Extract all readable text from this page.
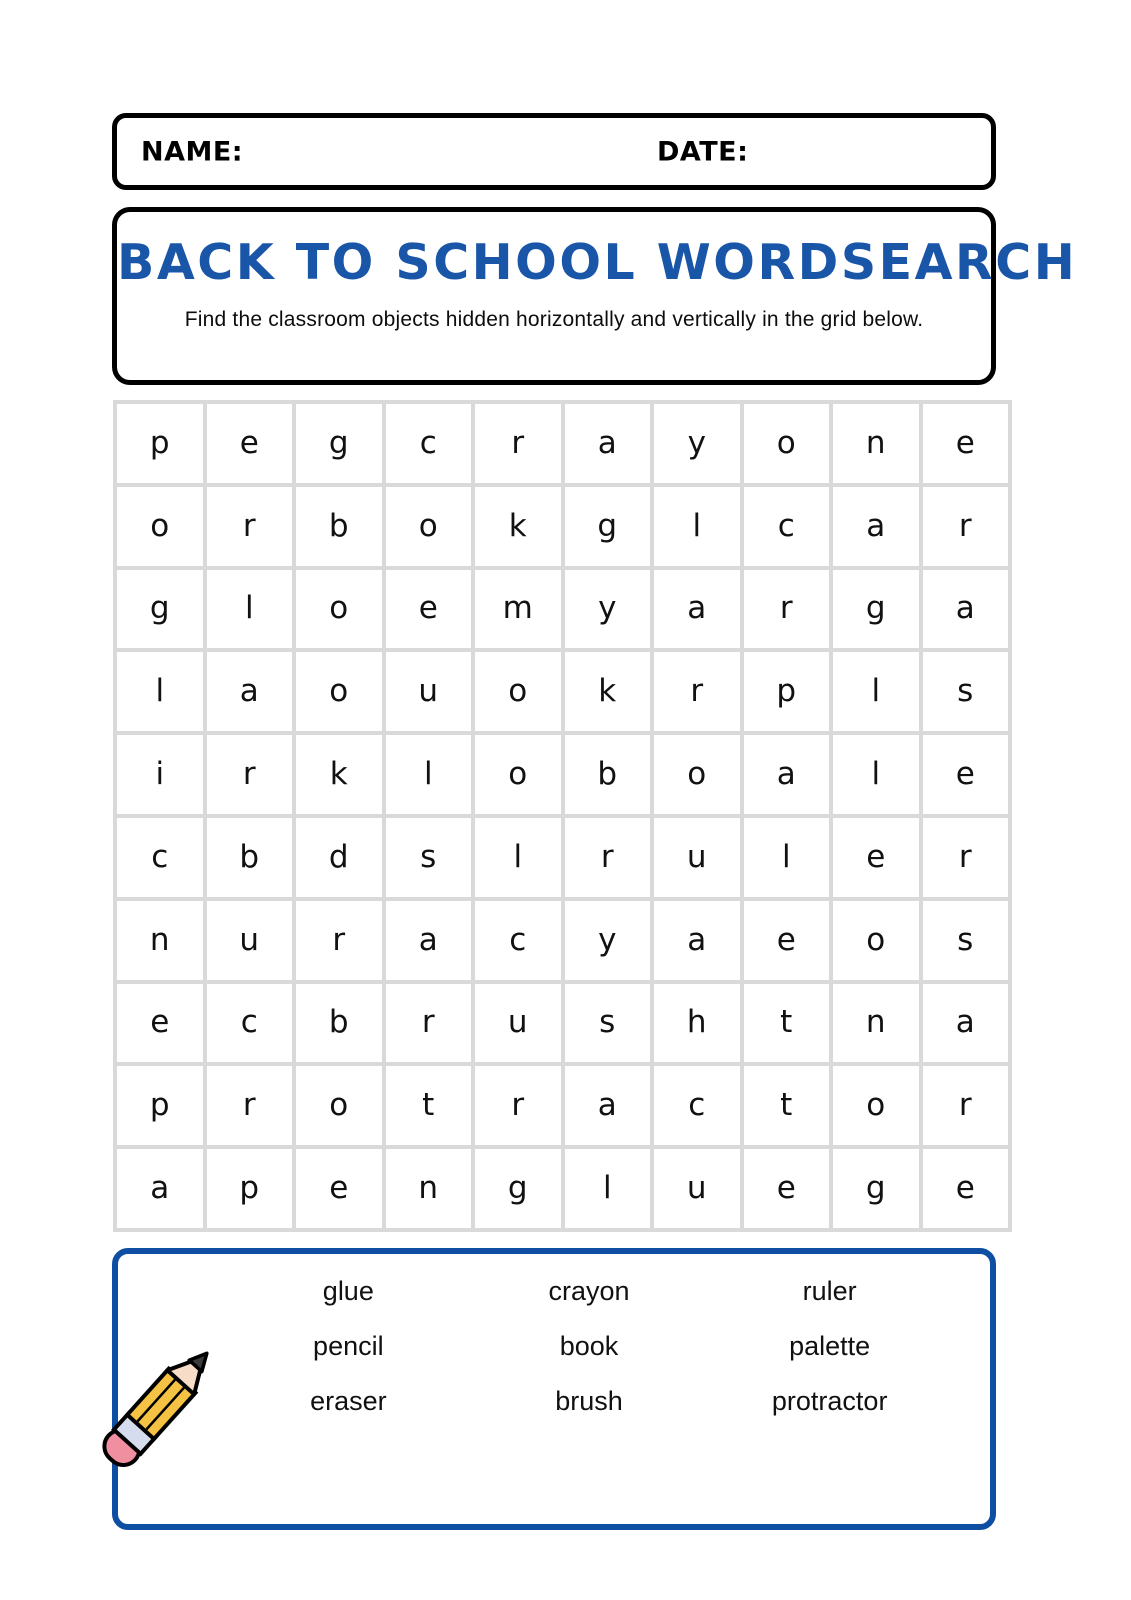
NAME:	DATE:
BACK TO SCHOOL WORDSEARCH
Find the classroom objects hidden horizontally and vertically in the grid below.
p	e	g	c	r	a	y	o	n	e
o	r	b	o	k	g	l	c	a	r
g	l	o	e	m	y	a	r	g	a
l	a	o	u	o	k	r	p	l	s
i	r	k	l	o	b	o	a	l	e
c	b	d	s	l	r	u	l	e	r
n	u	r	a	c	y	a	e	o	s
e	c	b	r	u	s	h	t	n	a
p	r	o	t	r	a	c	t	o	r
a	p	e	n	g	l	u	e	g	e
glue	crayon	ruler
pencil	book	palette
eraser	brush	protractor
